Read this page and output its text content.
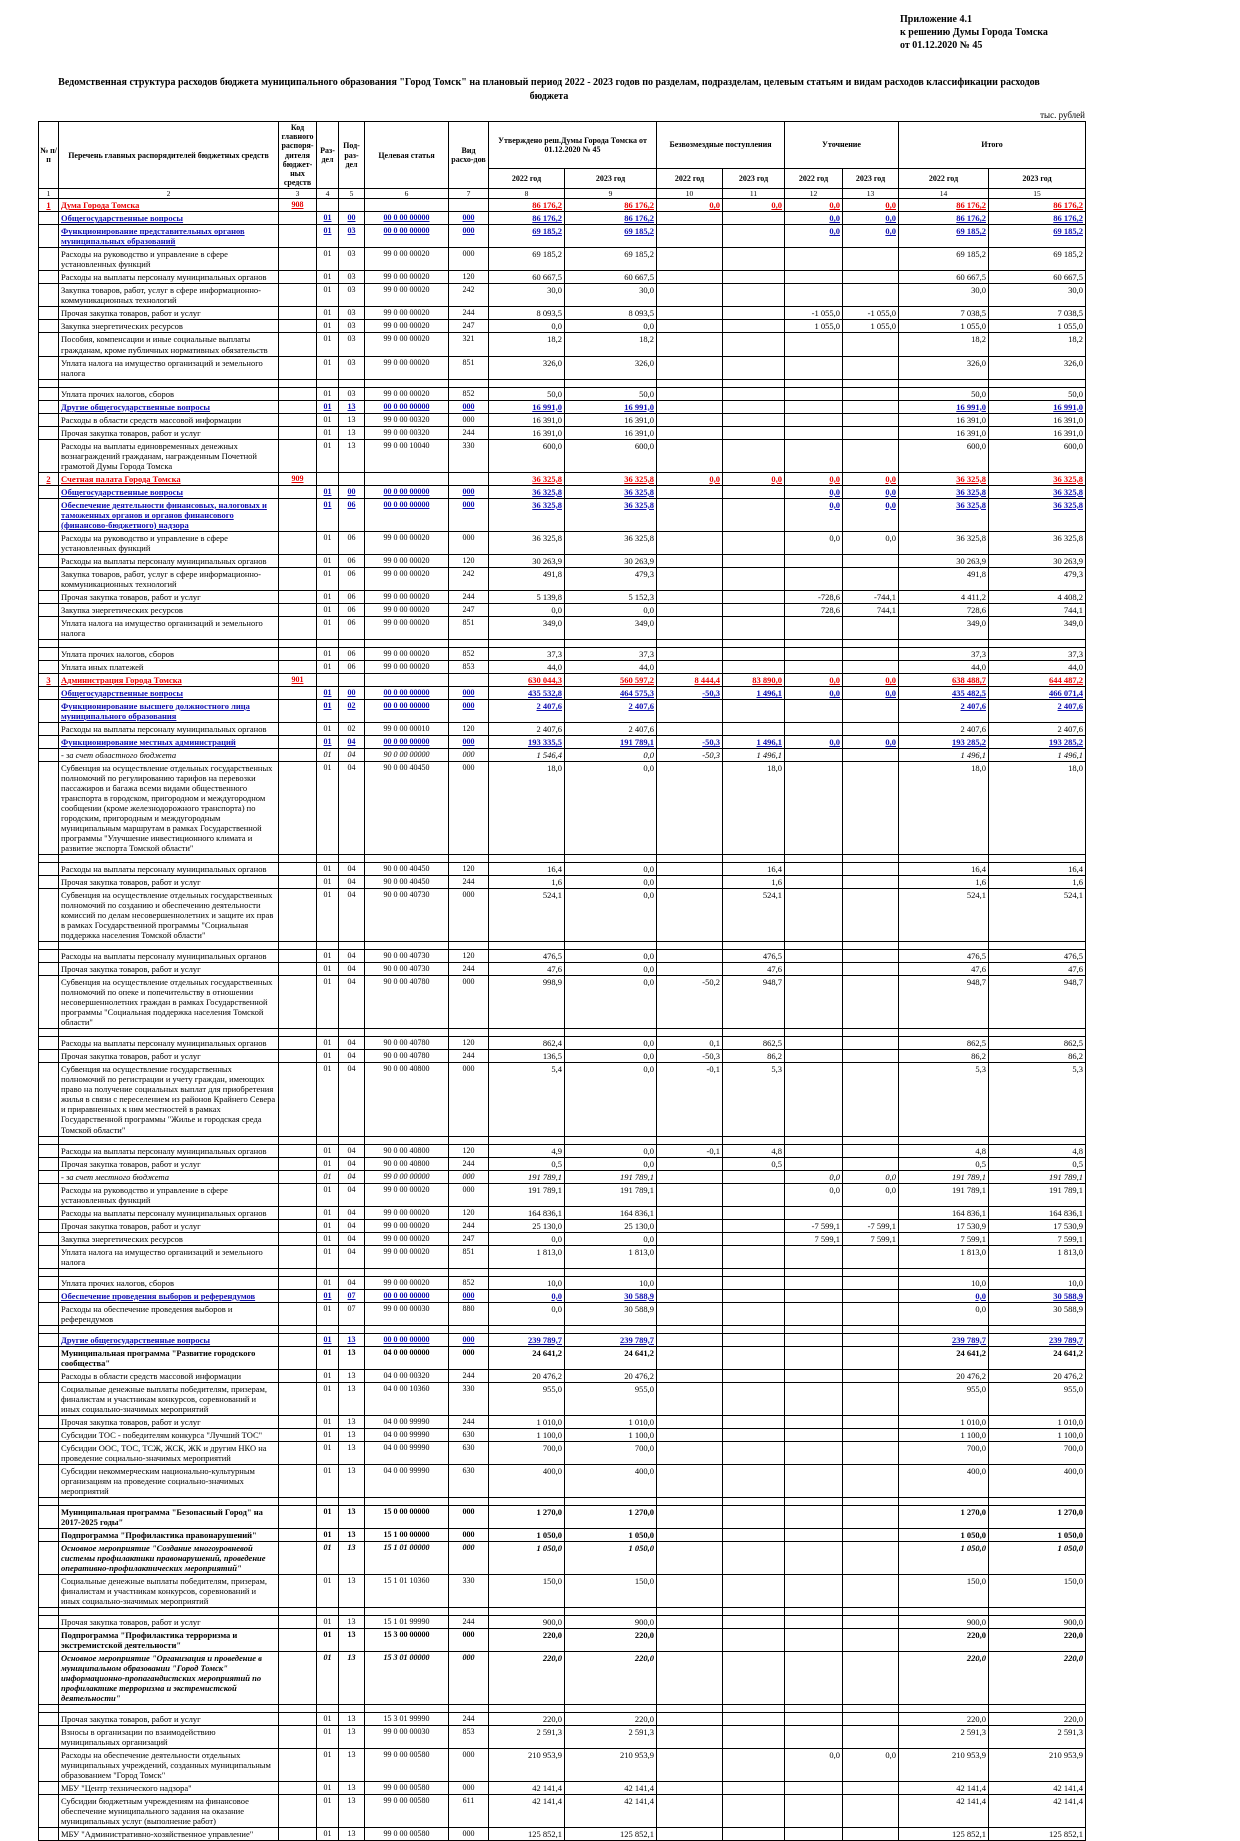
Приложение 4.1
к решению Думы Города Томска
от 01.12.2020 № 45
Ведомственная структура расходов бюджета муниципального образования "Город Томск" на плановый период 2022 - 2023 годов по разделам, подразделам, целевым статьям и видам расходов классификации расходов бюджета
тыс. рублей
№ п/п	Перечень главных распорядителей бюджетных средств	Код главного распоря-дителя бюджет-ных средств	Раз-дел	Под-раз-дел	Целевая статья	Вид расхо-дов	Утверждено реш.Думы Города Томска от 01.12.2020 № 45		Безвозмездные поступления		Уточнение		Итого	
							2022 год	2023 год	2022 год	2023 год	2022 год	2023 год	2022 год	2023 год
1	2	3	4	5	6	7	8	9	10	11	12	13	14	15
1	Дума Города Томска	908					86 176,2	86 176,2	0,0	0,0	0,0	0,0	86 176,2	86 176,2
	Общегосударственные вопросы		01	00	00 0 00 00000	000	86 176,2	86 176,2			0,0	0,0	86 176,2	86 176,2
	Функционирование представительных органов муниципальных образований		01	03	00 0 00 00000	000	69 185,2	69 185,2			0,0	0,0	69 185,2	69 185,2
	Расходы на руководство и управление в сфере установленных функций		01	03	99 0 00 00020	000	69 185,2	69 185,2					69 185,2	69 185,2
	Расходы на выплаты персоналу муниципальных органов		01	03	99 0 00 00020	120	60 667,5	60 667,5					60 667,5	60 667,5
	Закупка товаров, работ, услуг в сфере информационно-коммуникационных технологий		01	03	99 0 00 00020	242	30,0	30,0					30,0	30,0
	Прочая закупка товаров, работ и услуг		01	03	99 0 00 00020	244	8 093,5	8 093,5			-1 055,0	-1 055,0	7 038,5	7 038,5
	Закупка энергетических ресурсов		01	03	99 0 00 00020	247	0,0	0,0			1 055,0	1 055,0	1 055,0	1 055,0
	Пособия, компенсации и иные социальные выплаты гражданам, кроме публичных нормативных обязательств		01	03	99 0 00 00020	321	18,2	18,2					18,2	18,2
	Уплата налога на имущество организаций и земельного налога		01	03	99 0 00 00020	851	326,0	326,0					326,0	326,0

	Уплата прочих налогов, сборов		01	03	99 0 00 00020	852	50,0	50,0					50,0	50,0
	Другие общегосударственные вопросы		01	13	00 0 00 00000	000	16 991,0	16 991,0					16 991,0	16 991,0
	Расходы в области средств массовой информации		01	13	99 0 00 00320	000	16 391,0	16 391,0					16 391,0	16 391,0
	Прочая закупка товаров, работ и услуг		01	13	99 0 00 00320	244	16 391,0	16 391,0					16 391,0	16 391,0
	Расходы на выплаты единовременных денежных вознаграждений гражданам, награжденным Почетной грамотой Думы Города Томска		01	13	99 0 00 10040	330	600,0	600,0					600,0	600,0
2	Счетная палата Города Томска	909					36 325,8	36 325,8	0,0	0,0	0,0	0,0	36 325,8	36 325,8
	Общегосударственные вопросы		01	00	00 0 00 00000	000	36 325,8	36 325,8			0,0	0,0	36 325,8	36 325,8
	Обеспечение деятельности финансовых, налоговых и таможенных органов и органов финансового (финансово-бюджетного) надзора		01	06	00 0 00 00000	000	36 325,8	36 325,8			0,0	0,0	36 325,8	36 325,8
	Расходы на руководство и управление в сфере установленных функций		01	06	99 0 00 00020	000	36 325,8	36 325,8			0,0	0,0	36 325,8	36 325,8
	Расходы на выплаты персоналу муниципальных органов		01	06	99 0 00 00020	120	30 263,9	30 263,9					30 263,9	30 263,9
	Закупка товаров, работ, услуг в сфере информационно-коммуникационных технологий		01	06	99 0 00 00020	242	491,8	479,3					491,8	479,3
	Прочая закупка товаров, работ и услуг		01	06	99 0 00 00020	244	5 139,8	5 152,3			-728,6	-744,1	4 411,2	4 408,2
	Закупка энергетических ресурсов		01	06	99 0 00 00020	247	0,0	0,0			728,6	744,1	728,6	744,1
	Уплата налога на имущество организаций и земельного налога		01	06	99 0 00 00020	851	349,0	349,0					349,0	349,0

	Уплата прочих налогов, сборов		01	06	99 0 00 00020	852	37,3	37,3					37,3	37,3
	Уплата иных платежей		01	06	99 0 00 00020	853	44,0	44,0					44,0	44,0
3	Администрация Города Томска	901					630 044,3	560 597,2	8 444,4	83 890,0	0,0	0,0	638 488,7	644 487,2
	Общегосударственные вопросы		01	00	00 0 00 00000	000	435 532,8	464 575,3	-50,3	1 496,1	0,0	0,0	435 482,5	466 071,4
	Функционирование высшего должностного лица муниципального образования		01	02	00 0 00 00000	000	2 407,6	2 407,6					2 407,6	2 407,6
	Расходы на выплаты персоналу муниципальных органов		01	02	99 0 00 00010	120	2 407,6	2 407,6					2 407,6	2 407,6
	Функционирование местных администраций		01	04	00 0 00 00000	000	193 335,5	191 789,1	-50,3	1 496,1	0,0	0,0	193 285,2	193 285,2
	- за счет областного бюджета		01	04	90 0 00 00000	000	1 546,4	0,0	-50,3	1 496,1			1 496,1	1 496,1
	Субвенция на осуществление отдельных государственных полномочий по регулированию тарифов на перевозки пассажиров и багажа всеми видами общественного транспорта в городском, пригородном и междугородном сообщении (кроме железнодорожного транспорта) по городским, пригородным и междугородным муниципальным маршрутам в рамках Государственной программы "Улучшение инвестиционного климата и развитие экспорта Томской области"		01	04	90 0 00 40450	000	18,0	0,0		18,0			18,0	18,0

	Расходы на выплаты персоналу муниципальных органов		01	04	90 0 00 40450	120	16,4	0,0		16,4			16,4	16,4
	Прочая закупка товаров, работ и услуг		01	04	90 0 00 40450	244	1,6	0,0		1,6			1,6	1,6
	Субвенция на осуществление отдельных государственных полномочий по созданию и обеспечению деятельности комиссий по делам несовершеннолетних и защите их прав в рамках Государственной программы "Социальная поддержка населения Томской области"		01	04	90 0 00 40730	000	524,1	0,0		524,1			524,1	524,1

	Расходы на выплаты персоналу муниципальных органов		01	04	90 0 00 40730	120	476,5	0,0		476,5			476,5	476,5
	Прочая закупка товаров, работ и услуг		01	04	90 0 00 40730	244	47,6	0,0		47,6			47,6	47,6
	Субвенция на осуществление отдельных государственных полномочий по опеке и попечительству в отношении несовершеннолетних граждан в рамках Государственной программы "Социальная поддержка населения Томской области"		01	04	90 0 00 40780	000	998,9	0,0	-50,2	948,7			948,7	948,7

	Расходы на выплаты персоналу муниципальных органов		01	04	90 0 00 40780	120	862,4	0,0	0,1	862,5			862,5	862,5
	Прочая закупка товаров, работ и услуг		01	04	90 0 00 40780	244	136,5	0,0	-50,3	86,2			86,2	86,2
	Субвенция на осуществление государственных полномочий по регистрации и учету граждан, имеющих право на получение социальных выплат для приобретения жилья в связи с переселением из районов Крайнего Севера и приравненных к ним местностей в рамках Государственной программы "Жилье и городская среда Томской области"		01	04	90 0 00 40800	000	5,4	0,0	-0,1	5,3			5,3	5,3

	Расходы на выплаты персоналу муниципальных органов		01	04	90 0 00 40800	120	4,9	0,0	-0,1	4,8			4,8	4,8
	Прочая закупка товаров, работ и услуг		01	04	90 0 00 40800	244	0,5	0,0		0,5			0,5	0,5
	- за счет местного бюджета		01	04	99 0 00 00000	000	191 789,1	191 789,1			0,0	0,0	191 789,1	191 789,1
	Расходы на руководство и управление в сфере установленных функций		01	04	99 0 00 00020	000	191 789,1	191 789,1			0,0	0,0	191 789,1	191 789,1
	Расходы на выплаты персоналу муниципальных органов		01	04	99 0 00 00020	120	164 836,1	164 836,1					164 836,1	164 836,1
	Прочая закупка товаров, работ и услуг		01	04	99 0 00 00020	244	25 130,0	25 130,0			-7 599,1	-7 599,1	17 530,9	17 530,9
	Закупка энергетических ресурсов		01	04	99 0 00 00020	247	0,0	0,0			7 599,1	7 599,1	7 599,1	7 599,1
	Уплата налога на имущество организаций и земельного налога		01	04	99 0 00 00020	851	1 813,0	1 813,0					1 813,0	1 813,0

	Уплата прочих налогов, сборов		01	04	99 0 00 00020	852	10,0	10,0					10,0	10,0
	Обеспечение проведения выборов и референдумов		01	07	00 0 00 00000	000	0,0	30 588,9					0,0	30 588,9
	Расходы на обеспечение проведения выборов и референдумов		01	07	99 0 00 00030	880	0,0	30 588,9					0,0	30 588,9

	Другие общегосударственные вопросы		01	13	00 0 00 00000	000	239 789,7	239 789,7					239 789,7	239 789,7
	Муниципальная программа "Развитие городского сообщества"		01	13	04 0 00 00000	000	24 641,2	24 641,2					24 641,2	24 641,2
	Расходы в области средств массовой информации		01	13	04 0 00 00320	244	20 476,2	20 476,2					20 476,2	20 476,2
	Социальные денежные выплаты победителям, призерам, финалистам и участникам конкурсов, соревнований и иных социально-значимых мероприятий		01	13	04 0 00 10360	330	955,0	955,0					955,0	955,0
	Прочая закупка товаров, работ и услуг		01	13	04 0 00 99990	244	1 010,0	1 010,0					1 010,0	1 010,0
	Субсидии ТОС - победителям конкурса "Лучший ТОС"		01	13	04 0 00 99990	630	1 100,0	1 100,0					1 100,0	1 100,0
	Субсидии ООС, ТОС, ТСЖ, ЖСК, ЖК и другим НКО на проведение социально-значимых мероприятий		01	13	04 0 00 99990	630	700,0	700,0					700,0	700,0
	Субсидии некоммерческим национально-культурным организациям на проведение социально-значимых мероприятий		01	13	04 0 00 99990	630	400,0	400,0					400,0	400,0

	Муниципальная программа "Безопасный Город" на 2017-2025 годы"		01	13	15 0 00 00000	000	1 270,0	1 270,0					1 270,0	1 270,0
	Подпрограмма "Профилактика правонарушений"		01	13	15 1 00 00000	000	1 050,0	1 050,0					1 050,0	1 050,0
	Основное мероприятие "Создание многоуровневой системы профилактики правонарушений, проведение оперативно-профилактических мероприятий"		01	13	15 1 01 00000	000	1 050,0	1 050,0					1 050,0	1 050,0
	Социальные денежные выплаты победителям, призерам, финалистам и участникам конкурсов, соревнований и иных социально-значимых мероприятий		01	13	15 1 01 10360	330	150,0	150,0					150,0	150,0

	Прочая закупка товаров, работ и услуг		01	13	15 1 01 99990	244	900,0	900,0					900,0	900,0
	Подпрограмма "Профилактика терроризма и экстремистской деятельности"		01	13	15 3 00 00000	000	220,0	220,0					220,0	220,0
	Основное мероприятие "Организация и проведение в муниципальном образовании "Город Томск" информационно-пропагандистских мероприятий по профилактике терроризма и экстремистской деятельности"		01	13	15 3 01 00000	000	220,0	220,0					220,0	220,0

	Прочая закупка товаров, работ и услуг		01	13	15 3 01 99990	244	220,0	220,0					220,0	220,0
	Взносы в организации по взаимодействию муниципальных организаций		01	13	99 0 00 00030	853	2 591,3	2 591,3					2 591,3	2 591,3
	Расходы на обеспечение деятельности отдельных муниципальных учреждений, созданных муниципальным образованием "Город Томск"		01	13	99 0 00 00580	000	210 953,9	210 953,9			0,0	0,0	210 953,9	210 953,9
	МБУ "Центр технического надзора"		01	13	99 0 00 00580	000	42 141,4	42 141,4					42 141,4	42 141,4
	Субсидии бюджетным учреждениям на финансовое обеспечение муниципального задания на оказание муниципальных услуг (выполнение работ)		01	13	99 0 00 00580	611	42 141,4	42 141,4					42 141,4	42 141,4
	МБУ "Административно-хозяйственное управление"		01	13	99 0 00 00580	000	125 852,1	125 852,1					125 852,1	125 852,1
